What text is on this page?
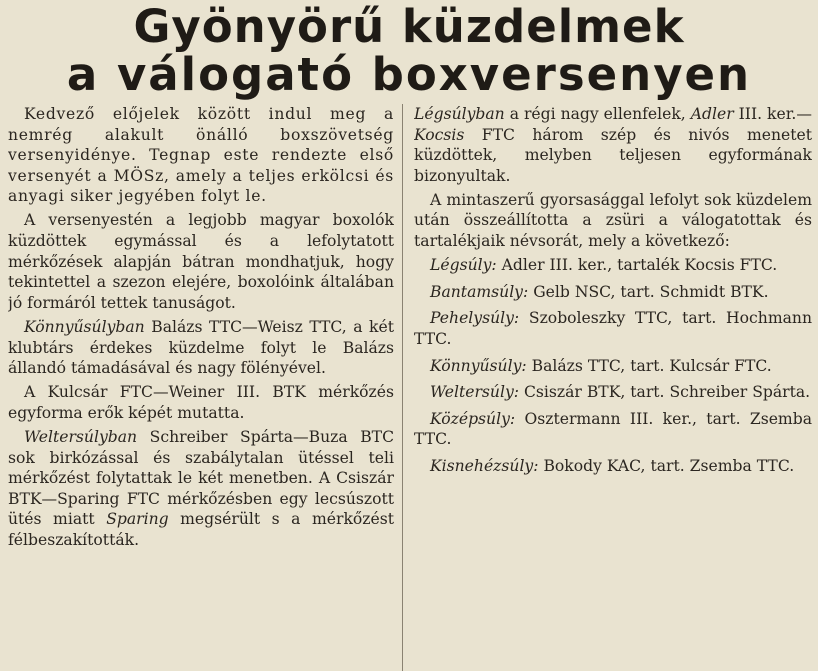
Gyönyörű küzdelmek
a válogató boxversenyen

Kedvező előjelek között indul meg a nemrég alakult önálló boxszövetség versenyidénye. Tegnap este rendezte első versenyét a MÖSz, amely a teljes erkölcsi és anyagi siker jegyében folyt le.

A versenyestén a legjobb magyar boxolók küzdöttek egymással és a lefolytatott mérkőzések alapján bátran mondhatjuk, hogy tekintettel a szezon elejére, boxolóink általában jó formáról tettek tanuságot.

Könnyűsúlyban Balázs TTC—Weisz TTC, a két klubtárs érdekes küzdelme folyt le Balázs állandó támadásával és nagy fölényével.

A Kulcsár FTC—Weiner III. BTK mérkőzés egyforma erők képét mutatta.

Weltersúlyban Schreiber Spárta—Buza BTC sok birkózással és szabálytalan ütéssel teli mérkőzést folytattak le két menetben. A Csiszár BTK—Sparing FTC mérkőzésben egy lecsúszott ütés miatt Sparing megsérült s a mérkőzést félbeszakították.

Légsúlyban a régi nagy ellenfelek, Adler III. ker.—Kocsis FTC három szép és nivós menetet küzdöttek, melyben teljesen egyformának bizonyultak.

A mintaszerű gyorsasággal lefolyt sok küzdelem után összeállította a zsüri a válogatottak és tartalékjaik névsorát, mely a következő:

Légsúly: Adler III. ker., tartalék Kocsis FTC.

Bantamsúly: Gelb NSC, tart. Schmidt BTK.

Pehelysúly: Szoboleszky TTC, tart. Hochmann TTC.

Könnyűsúly: Balázs TTC, tart. Kulcsár FTC.

Weltersúly: Csiszár BTK, tart. Schreiber Spárta.

Középsúly: Osztermann III. ker., tart. Zsemba TTC.

Kisnehézsúly: Bokody KAC, tart. Zsemba TTC.
